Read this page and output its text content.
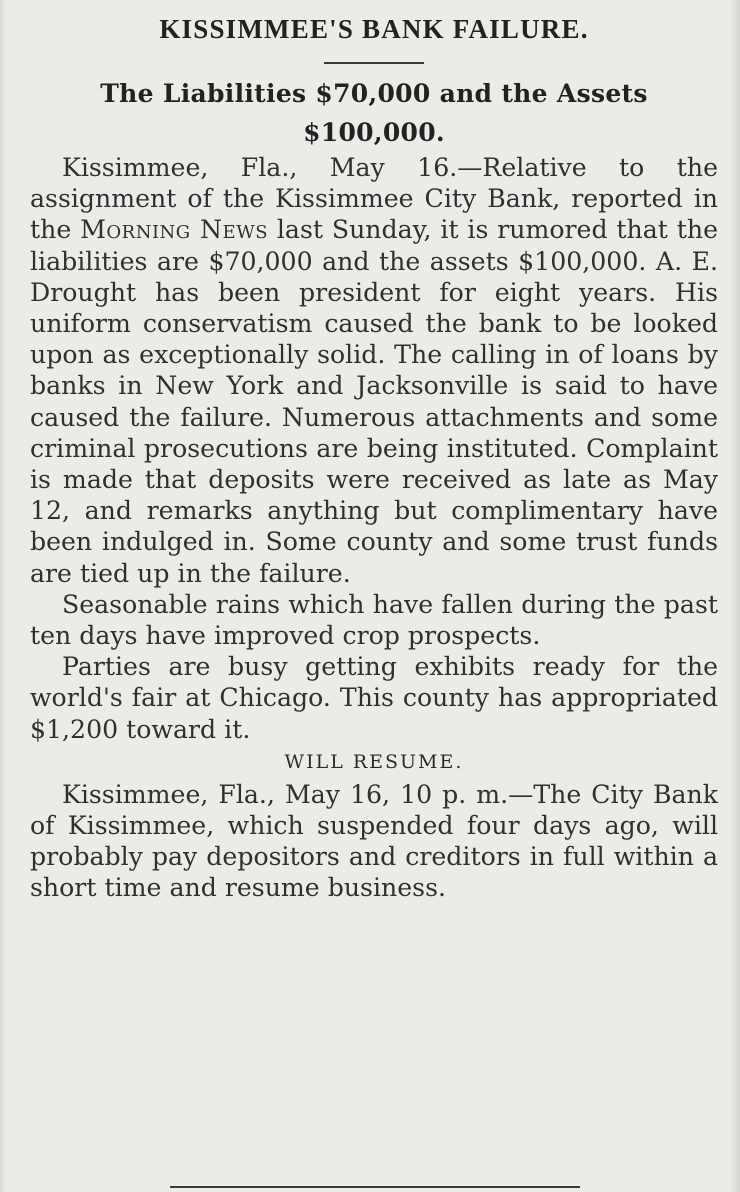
KISSIMMEE'S BANK FAILURE.
The Liabilities $70,000 and the Assets $100,000.

Kissimmee, Fla., May 16.—Relative to the assignment of the Kissimmee City Bank, reported in the Morning News last Sunday, it is rumored that the liabilities are $70,000 and the assets $100,000. A. E. Drought has been president for eight years. His uniform conservatism caused the bank to be looked upon as exceptionally solid. The calling in of loans by banks in New York and Jacksonville is said to have caused the failure. Numerous attachments and some criminal prosecutions are being instituted. Complaint is made that deposits were received as late as May 12, and remarks anything but complimentary have been indulged in. Some county and some trust funds are tied up in the failure.

Seasonable rains which have fallen during the past ten days have improved crop prospects.

Parties are busy getting exhibits ready for the world's fair at Chicago. This county has appropriated $1,200 toward it.

WILL RESUME.

Kissimmee, Fla., May 16, 10 p. m.—The City Bank of Kissimmee, which suspended four days ago, will probably pay depositors and creditors in full within a short time and resume business.
